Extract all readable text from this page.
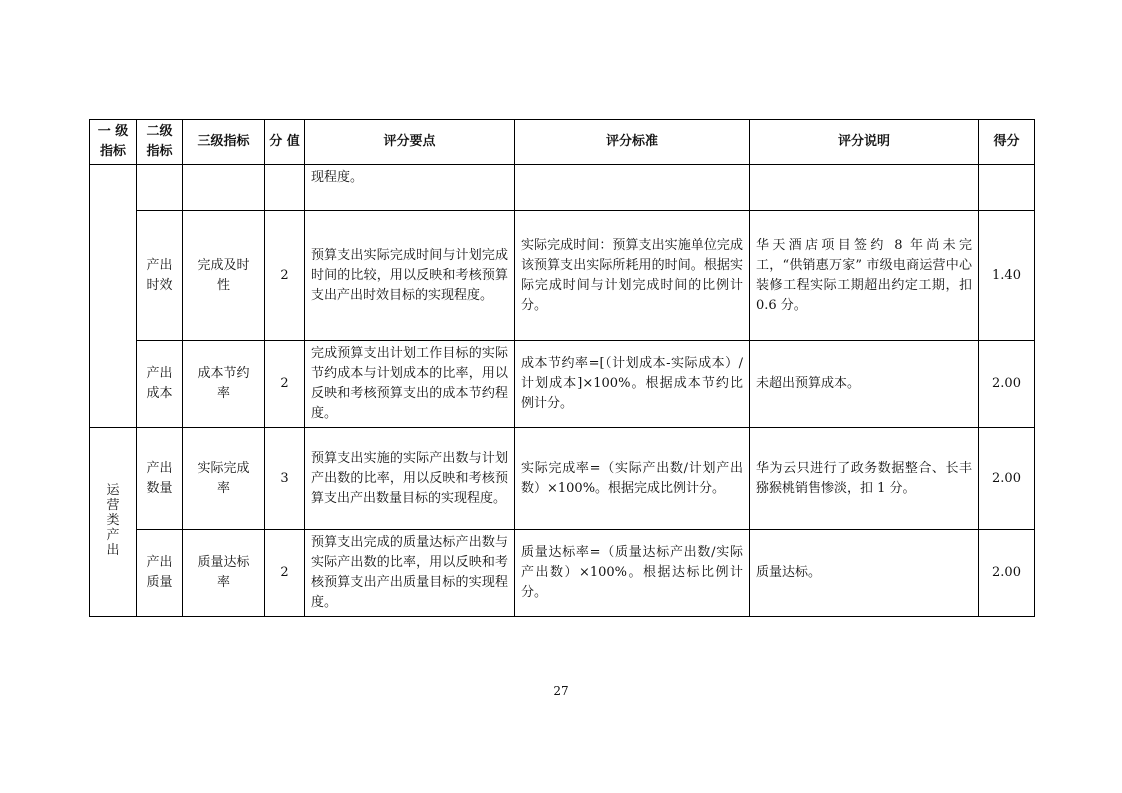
一 级 指标	二级 指标	三级指标	分 值	评分要点	评分标准	评分说明	得分
				现程度。			
	产出 时效	完成及时 性	2	预算支出实际完成时间与计划完成时间的比较，用以反映和考核预算支出产出时效目标的实现程度。	实际完成时间：预算支出实施单位完成该预算支出实际所耗用的时间。根据实际完成时间与计划完成时间的比例计分。	华天酒店项目签约 8 年尚未完工，“供销惠万家” 市级电商运营中心装修工程实际工期超出约定工期，扣 0.6 分。	1.40
	产出 成本	成本节约 率	2	完成预算支出计划工作目标的实际节约成本与计划成本的比率，用以反映和考核预算支出的成本节约程度。	成本节约率=[（计划成本-实际成本）/计划成本]×100%。根据成本节约比例计分。	未超出预算成本。	2.00
运营类产出	产出 数量	实际完成 率	3	预算支出实施的实际产出数与计划产出数的比率，用以反映和考核预算支出产出数量目标的实现程度。	实际完成率=（实际产出数/计划产出数）×100%。根据完成比例计分。	华为云只进行了政务数据整合、长丰猕猴桃销售惨淡，扣 1 分。	2.00
	产出 质量	质量达标 率	2	预算支出完成的质量达标产出数与实际产出数的比率，用以反映和考核预算支出产出质量目标的实现程度。	质量达标率=（质量达标产出数/实际产出数）×100%。根据达标比例计分。	质量达标。	2.00
27
